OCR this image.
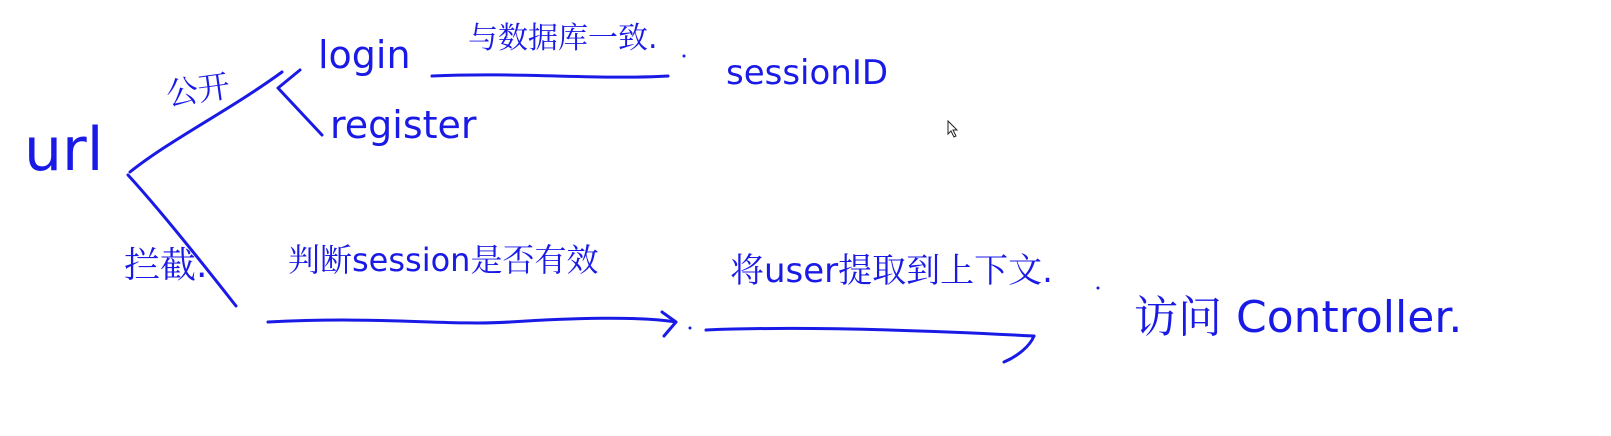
url
公开
拦截.
login
register
与数据库一致.
sessionID
判断session是否有效	将user提取到上下文.
访问 Controller.
